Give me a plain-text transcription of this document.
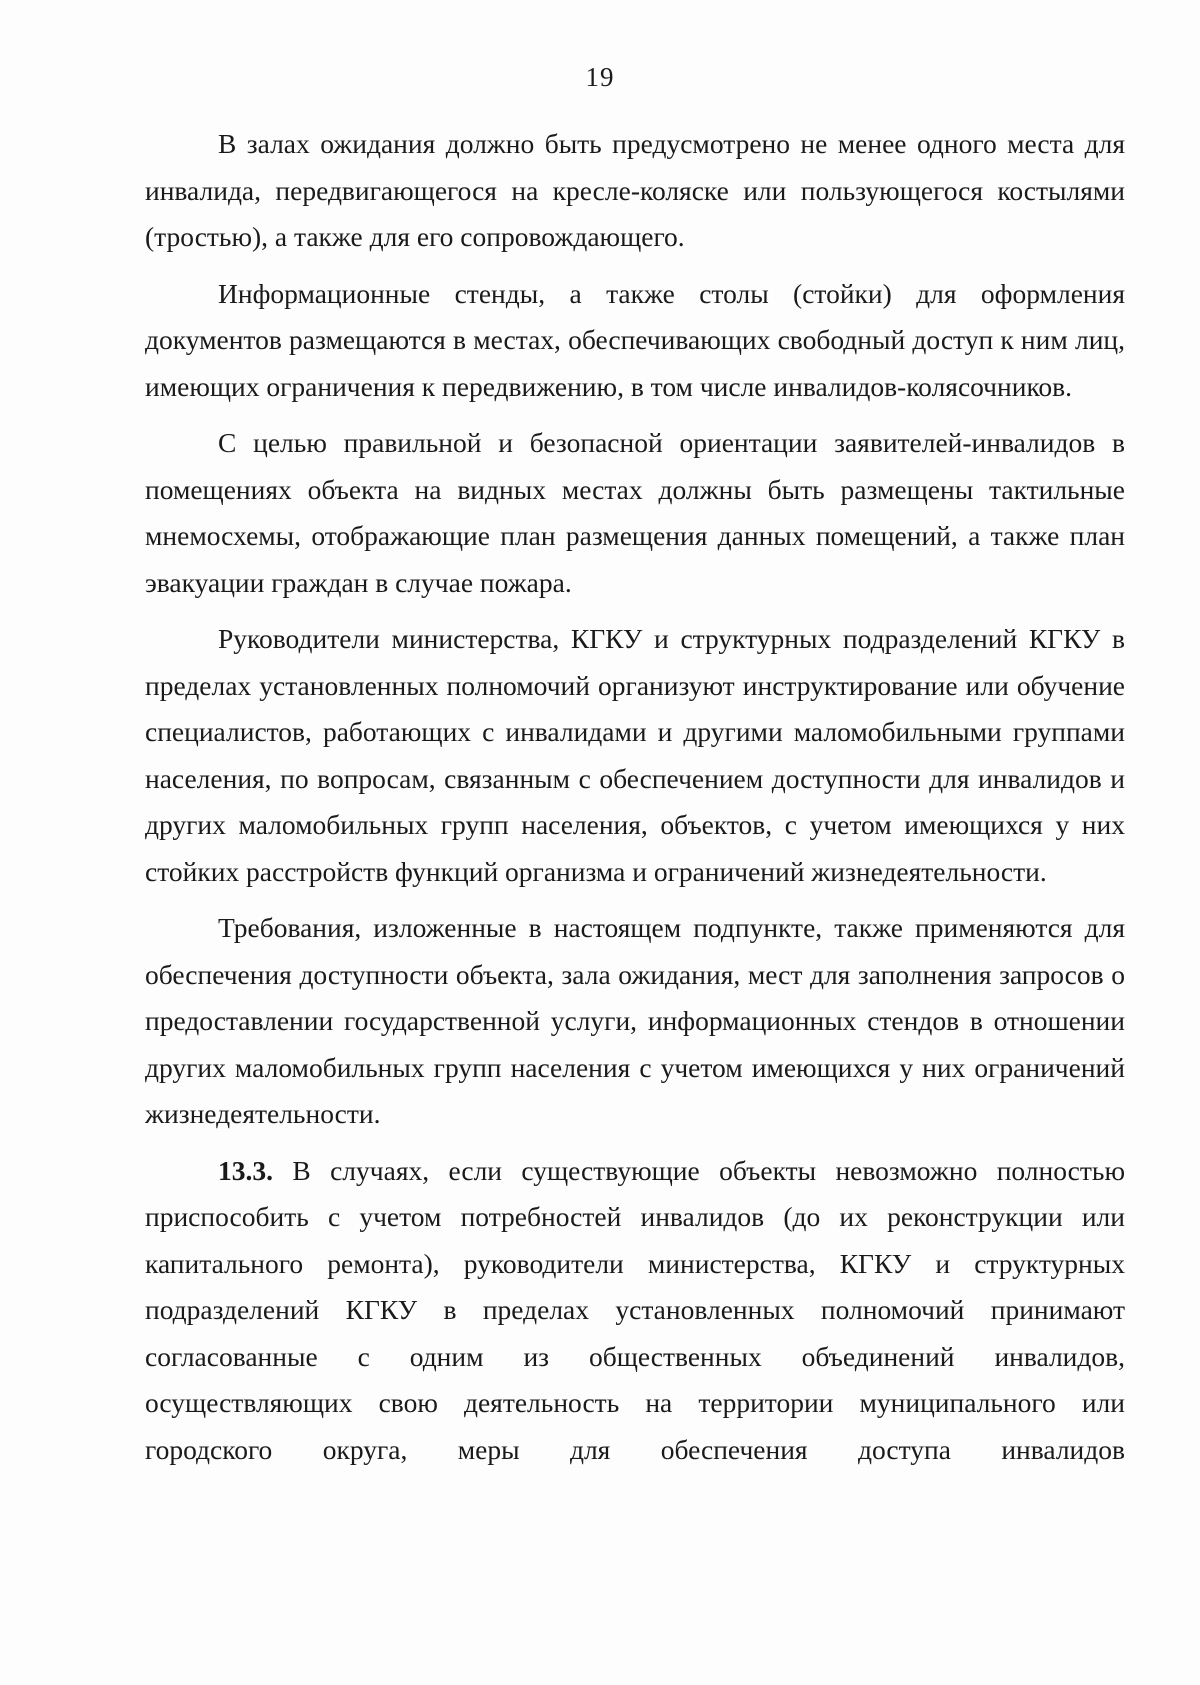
19

В залах ожидания должно быть предусмотрено не менее одного места для инвалида, передвигающегося на кресле-коляске или пользующегося костылями (тростью), а также для его сопровождающего.

Информационные стенды, а также столы (стойки) для оформления документов размещаются в местах, обеспечивающих свободный доступ к ним лиц, имеющих ограничения к передвижению, в том числе инвалидов-колясочников.

С целью правильной и безопасной ориентации заявителей-инвалидов в помещениях объекта на видных местах должны быть размещены тактильные мнемосхемы, отображающие план размещения данных помещений, а также план эвакуации граждан в случае пожара.

Руководители министерства, КГКУ и структурных подразделений КГКУ в пределах установленных полномочий организуют инструктирование или обучение специалистов, работающих с инвалидами и другими маломобильными группами населения, по вопросам, связанным с обеспечением доступности для инвалидов и других маломобильных групп населения, объектов, с учетом имеющихся у них стойких расстройств функций организма и ограничений жизнедеятельности.

Требования, изложенные в настоящем подпункте, также применяются для обеспечения доступности объекта, зала ожидания, мест для заполнения запросов о предоставлении государственной услуги, информационных стендов в отношении других маломобильных групп населения с учетом имеющихся у них ограничений жизнедеятельности.

13.3. В случаях, если существующие объекты невозможно полностью приспособить с учетом потребностей инвалидов (до их реконструкции или капитального ремонта), руководители министерства, КГКУ и структурных подразделений КГКУ в пределах установленных полномочий принимают согласованные с одним из общественных объединений инвалидов, осуществляющих свою деятельность на территории муниципального или городского округа, меры для обеспечения доступа инвалидов
